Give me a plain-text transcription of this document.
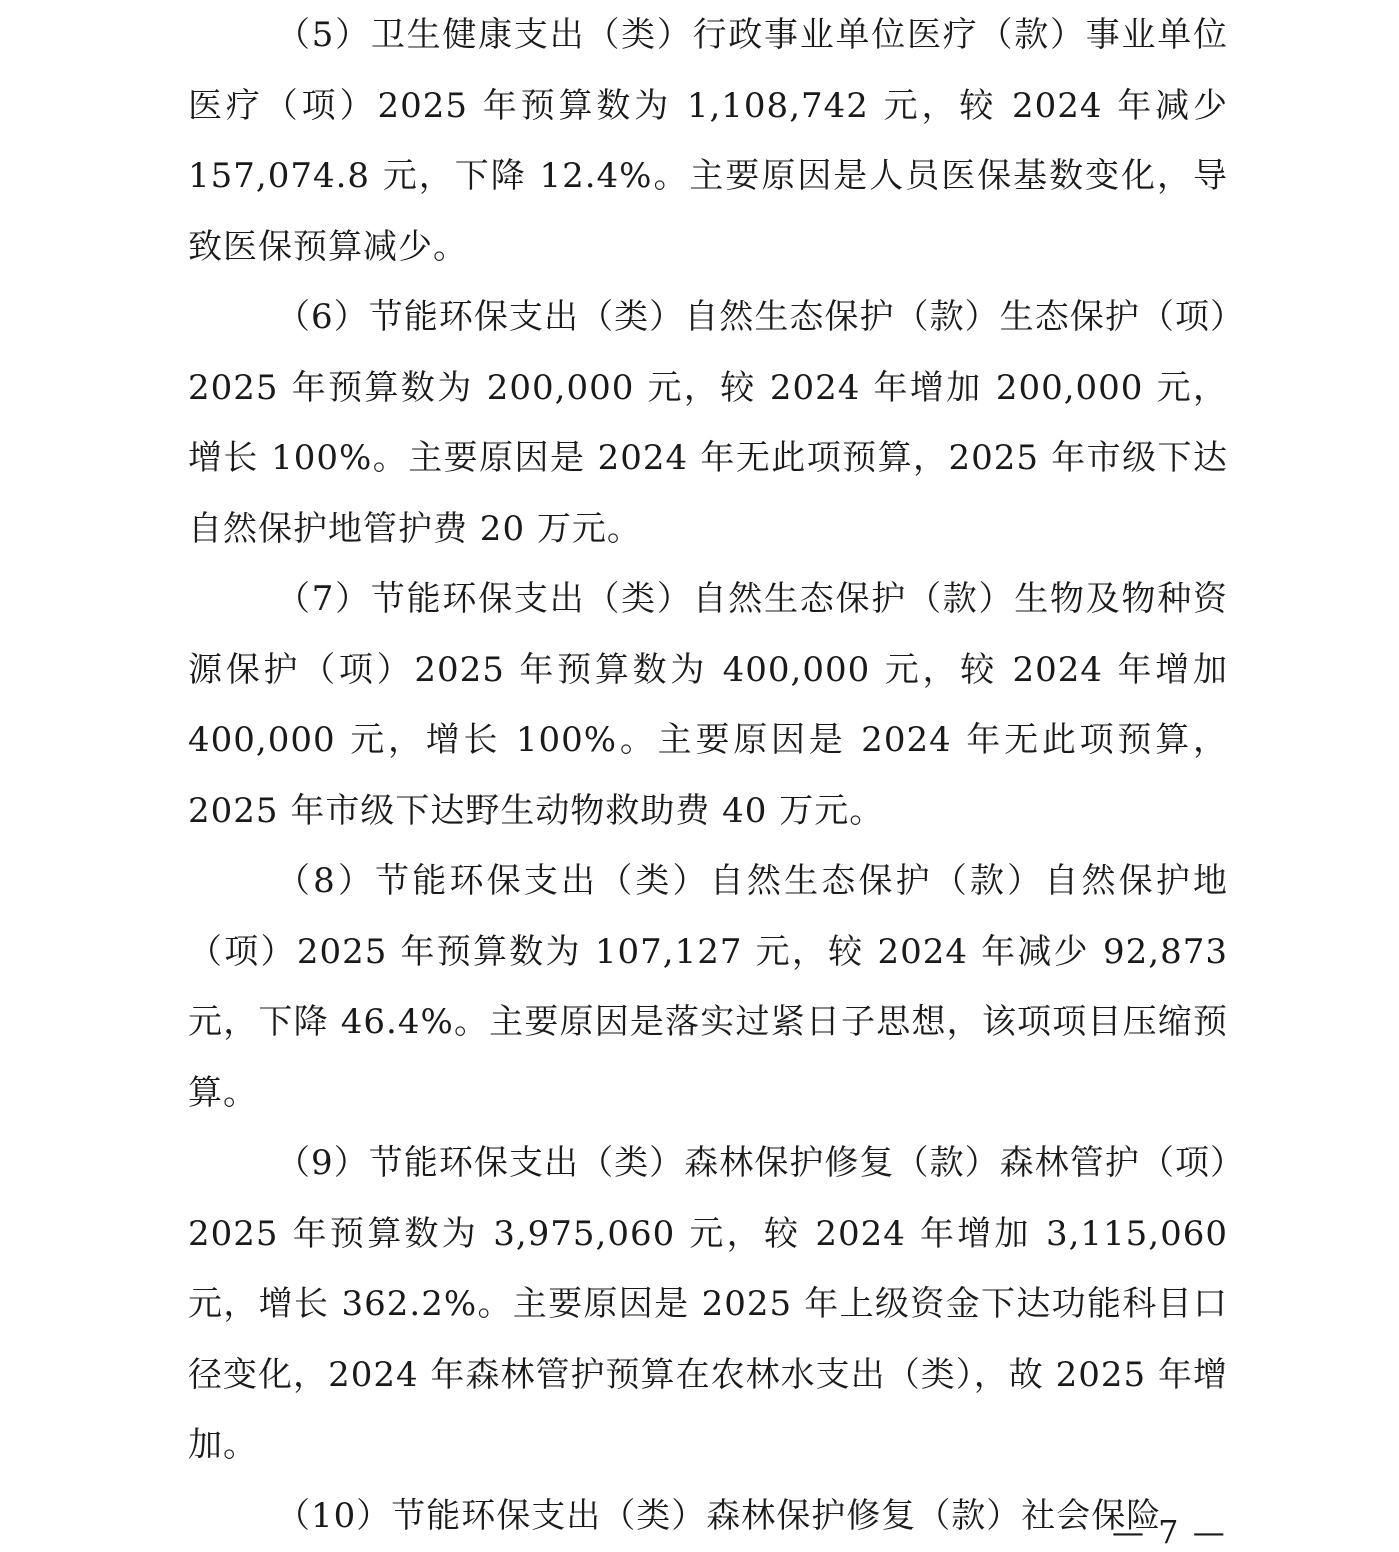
（5）卫生健康支出（类）行政事业单位医疗（款）事业单位医疗（项）2025 年预算数为 1,108,742 元，较 2024 年减少 157,074.8 元，下降 12.4%。主要原因是人员医保基数变化，导致医保预算减少。

（6）节能环保支出（类）自然生态保护（款）生态保护（项）2025 年预算数为 200,000 元，较 2024 年增加 200,000 元，增长 100%。主要原因是 2024 年无此项预算，2025 年市级下达自然保护地管护费 20 万元。

（7）节能环保支出（类）自然生态保护（款）生物及物种资源保护（项）2025 年预算数为 400,000 元，较 2024 年增加 400,000 元，增长 100%。主要原因是 2024 年无此项预算，2025 年市级下达野生动物救助费 40 万元。

（8）节能环保支出（类）自然生态保护（款）自然保护地（项）2025 年预算数为 107,127 元，较 2024 年减少 92,873 元，下降 46.4%。主要原因是落实过紧日子思想，该项项目压缩预算。

（9）节能环保支出（类）森林保护修复（款）森林管护（项）2025 年预算数为 3,975,060 元，较 2024 年增加 3,115,060 元，增长 362.2%。主要原因是 2025 年上级资金下达功能科目口径变化，2024 年森林管护预算在农林水支出（类），故 2025 年增加。

（10）节能环保支出（类）森林保护修复（款）社会保险

— 7 —
